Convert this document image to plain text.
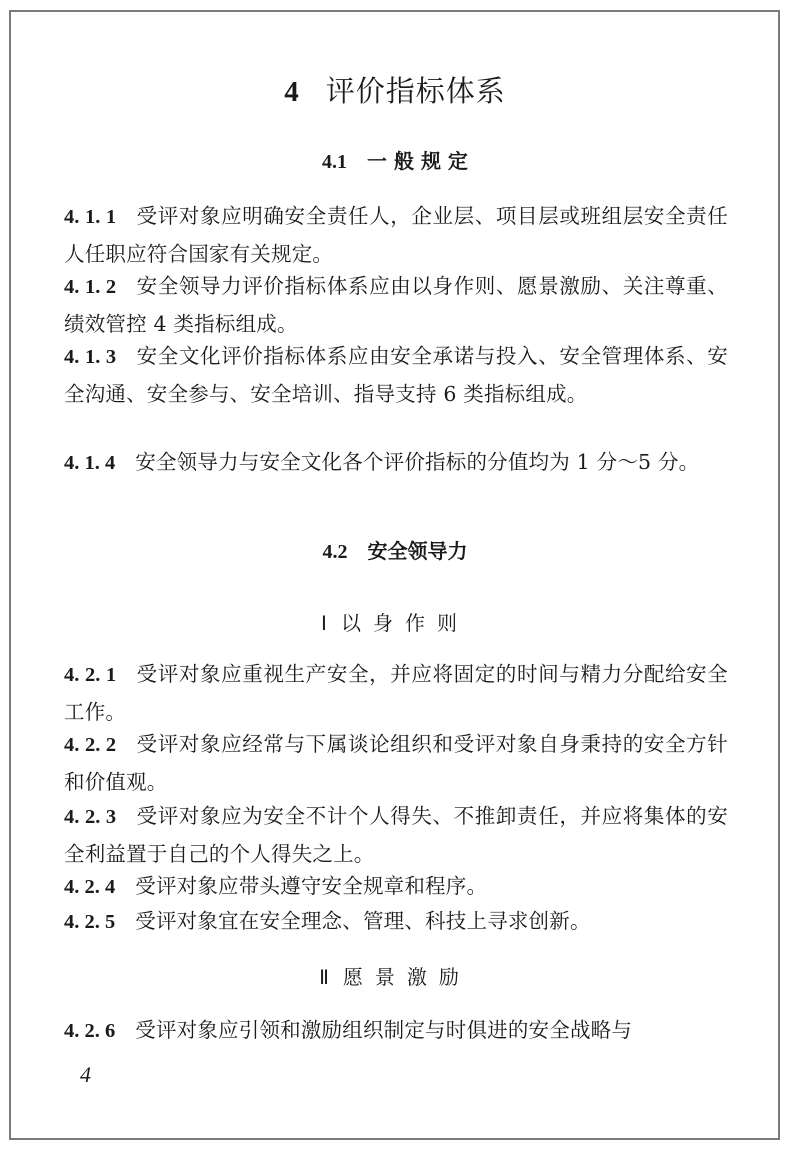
4 评价指标体系
4.1 一 般 规 定
4. 1. 1 受评对象应明确安全责任人，企业层、项目层或班组层安全责任人任职应符合国家有关规定。
4. 1. 2 安全领导力评价指标体系应由以身作则、愿景激励、关注尊重、绩效管控 4 类指标组成。
4. 1. 3 安全文化评价指标体系应由安全承诺与投入、安全管理体系、安全沟通、安全参与、安全培训、指导支持 6 类指标组成。
4. 1. 4 安全领导力与安全文化各个评价指标的分值均为 1 分～5 分。
4.2 安全领导力
Ⅰ 以身作则
4. 2. 1 受评对象应重视生产安全，并应将固定的时间与精力分配给安全工作。
4. 2. 2 受评对象应经常与下属谈论组织和受评对象自身秉持的安全方针和价值观。
4. 2. 3 受评对象应为安全不计个人得失、不推卸责任，并应将集体的安全利益置于自己的个人得失之上。
4. 2. 4 受评对象应带头遵守安全规章和程序。
4. 2. 5 受评对象宜在安全理念、管理、科技上寻求创新。
Ⅱ 愿景激励
4. 2. 6 受评对象应引领和激励组织制定与时俱进的安全战略与
4
